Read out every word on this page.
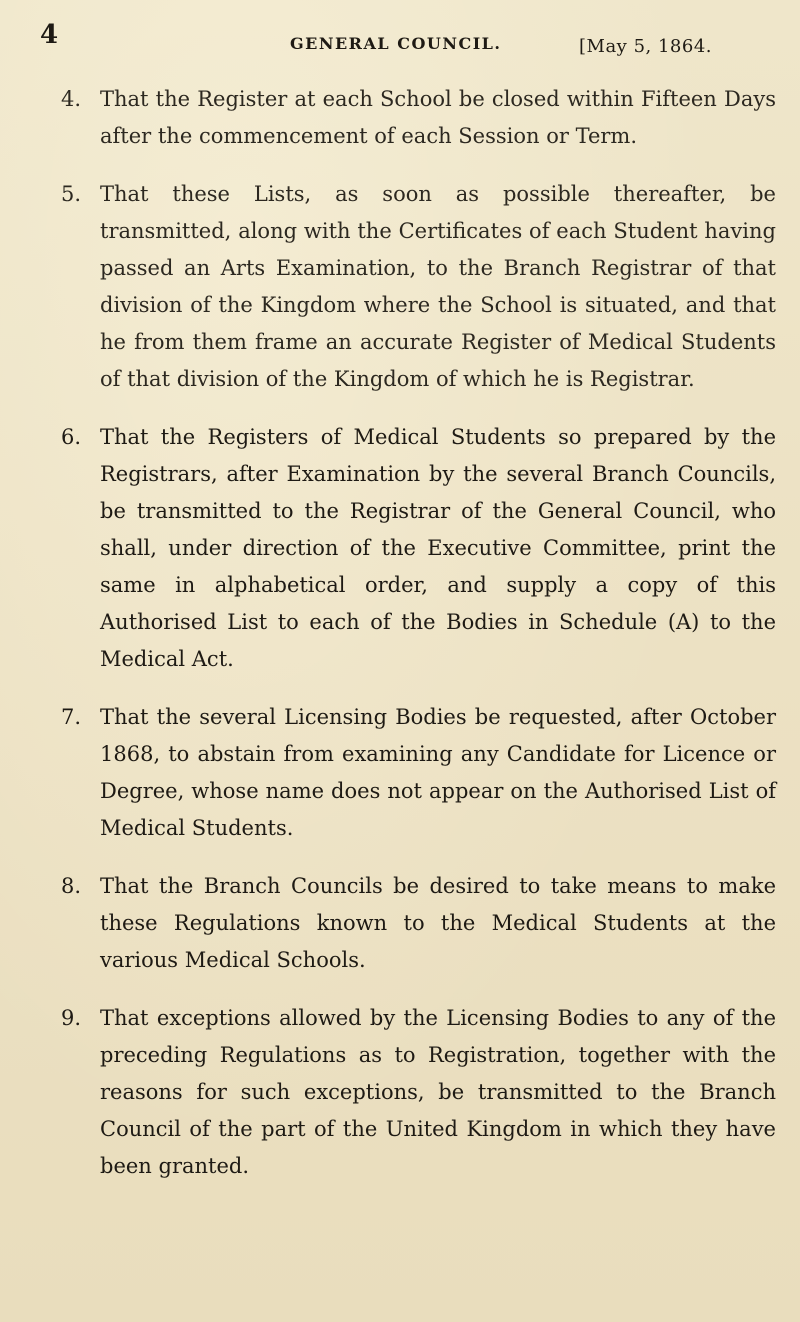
4	GENERAL COUNCIL.	[May 5, 1864.
4. That the Register at each School be closed within Fifteen Days after the commencement of each Session or Term.
5. That these Lists, as soon as possible thereafter, be transmitted, along with the Certificates of each Student having passed an Arts Examination, to the Branch Registrar of that division of the Kingdom where the School is situated, and that he from them frame an accurate Register of Medical Students of that division of the Kingdom of which he is Registrar.
6. That the Registers of Medical Students so prepared by the Registrars, after Examination by the several Branch Councils, be transmitted to the Registrar of the General Council, who shall, under direction of the Executive Committee, print the same in alphabetical order, and supply a copy of this Authorised List to each of the Bodies in Schedule (A) to the Medical Act.
7. That the several Licensing Bodies be requested, after October 1868, to abstain from examining any Candidate for Licence or Degree, whose name does not appear on the Authorised List of Medical Students.
8. That the Branch Councils be desired to take means to make these Regulations known to the Medical Students at the various Medical Schools.
9. That exceptions allowed by the Licensing Bodies to any of the preceding Regulations as to Registration, together with the reasons for such exceptions, be transmitted to the Branch Council of the part of the United Kingdom in which they have been granted.
